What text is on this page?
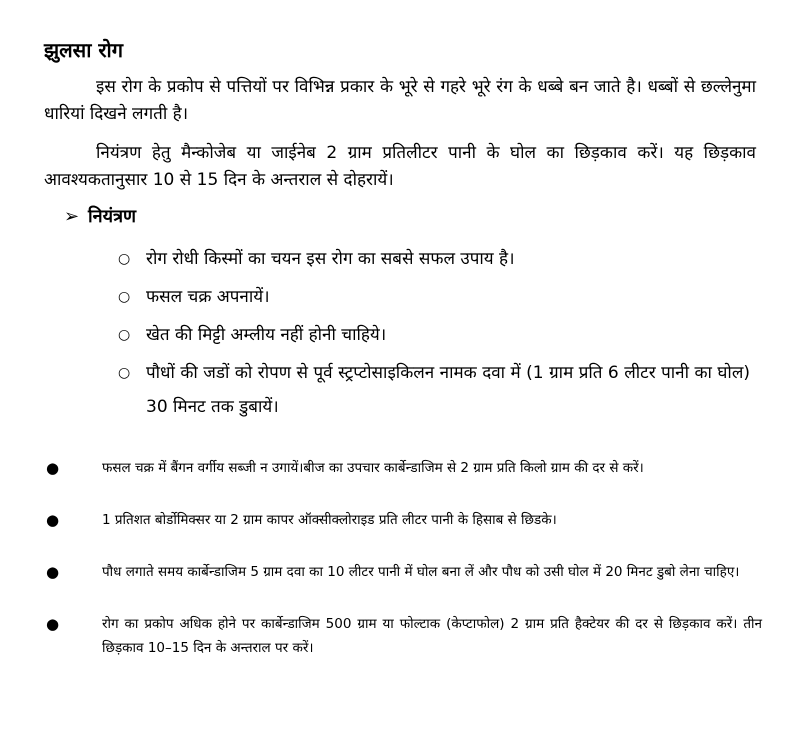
झुलसा रोग

इस रोग के प्रकोप से पत्तियों पर विभिन्न प्रकार के भूरे से गहरे भूरे रंग के धब्बे बन जाते है। धब्बों से छल्लेनुमा धारियां दिखने लगती है।

नियंत्रण हेतु मैन्कोजेब या जाईनेब 2 ग्राम प्रतिलीटर पानी के घोल का छिड़काव करें। यह छिड़काव आवश्यकतानुसार 10 से 15 दिन के अन्तराल से दोहरायें।

➢ नियंत्रण
○ रोग रोधी किस्मों का चयन इस रोग का सबसे सफल उपाय है।
○ फसल चक्र अपनायें।
○ खेत की मिट्टी अम्लीय नहीं होनी चाहिये।
○ पौधों की जडों को रोपण से पूर्व स्ट्रप्टोसाइकिलन नामक दवा में (1 ग्राम प्रति 6 लीटर पानी का घोल) 30 मिनट तक डुबायें।
●	फसल चक्र में बैंगन वर्गीय सब्जी न उगायें।बीज का उपचार कार्बेन्डाजिम से 2 ग्राम प्रति किलो ग्राम की दर से करें।
●	1 प्रतिशत बोर्डोमिक्सर या 2 ग्राम कापर ऑक्सीक्लोराइड प्रति लीटर पानी के हिसाब से छिडके।
●	पौध लगाते समय कार्बेन्डाजिम 5 ग्राम दवा का 10 लीटर पानी में घोल बना लें और पौध को उसी घोल में 20 मिनट डुबो लेना चाहिए।
●	रोग का प्रकोप अधिक होने पर कार्बेन्डाजिम 500 ग्राम या फोल्टाक (केप्टाफोल) 2 ग्राम प्रति हैक्टेयर की दर से छिड़काव करें। तीन छिड़काव 10–15 दिन के अन्तराल पर करें।
